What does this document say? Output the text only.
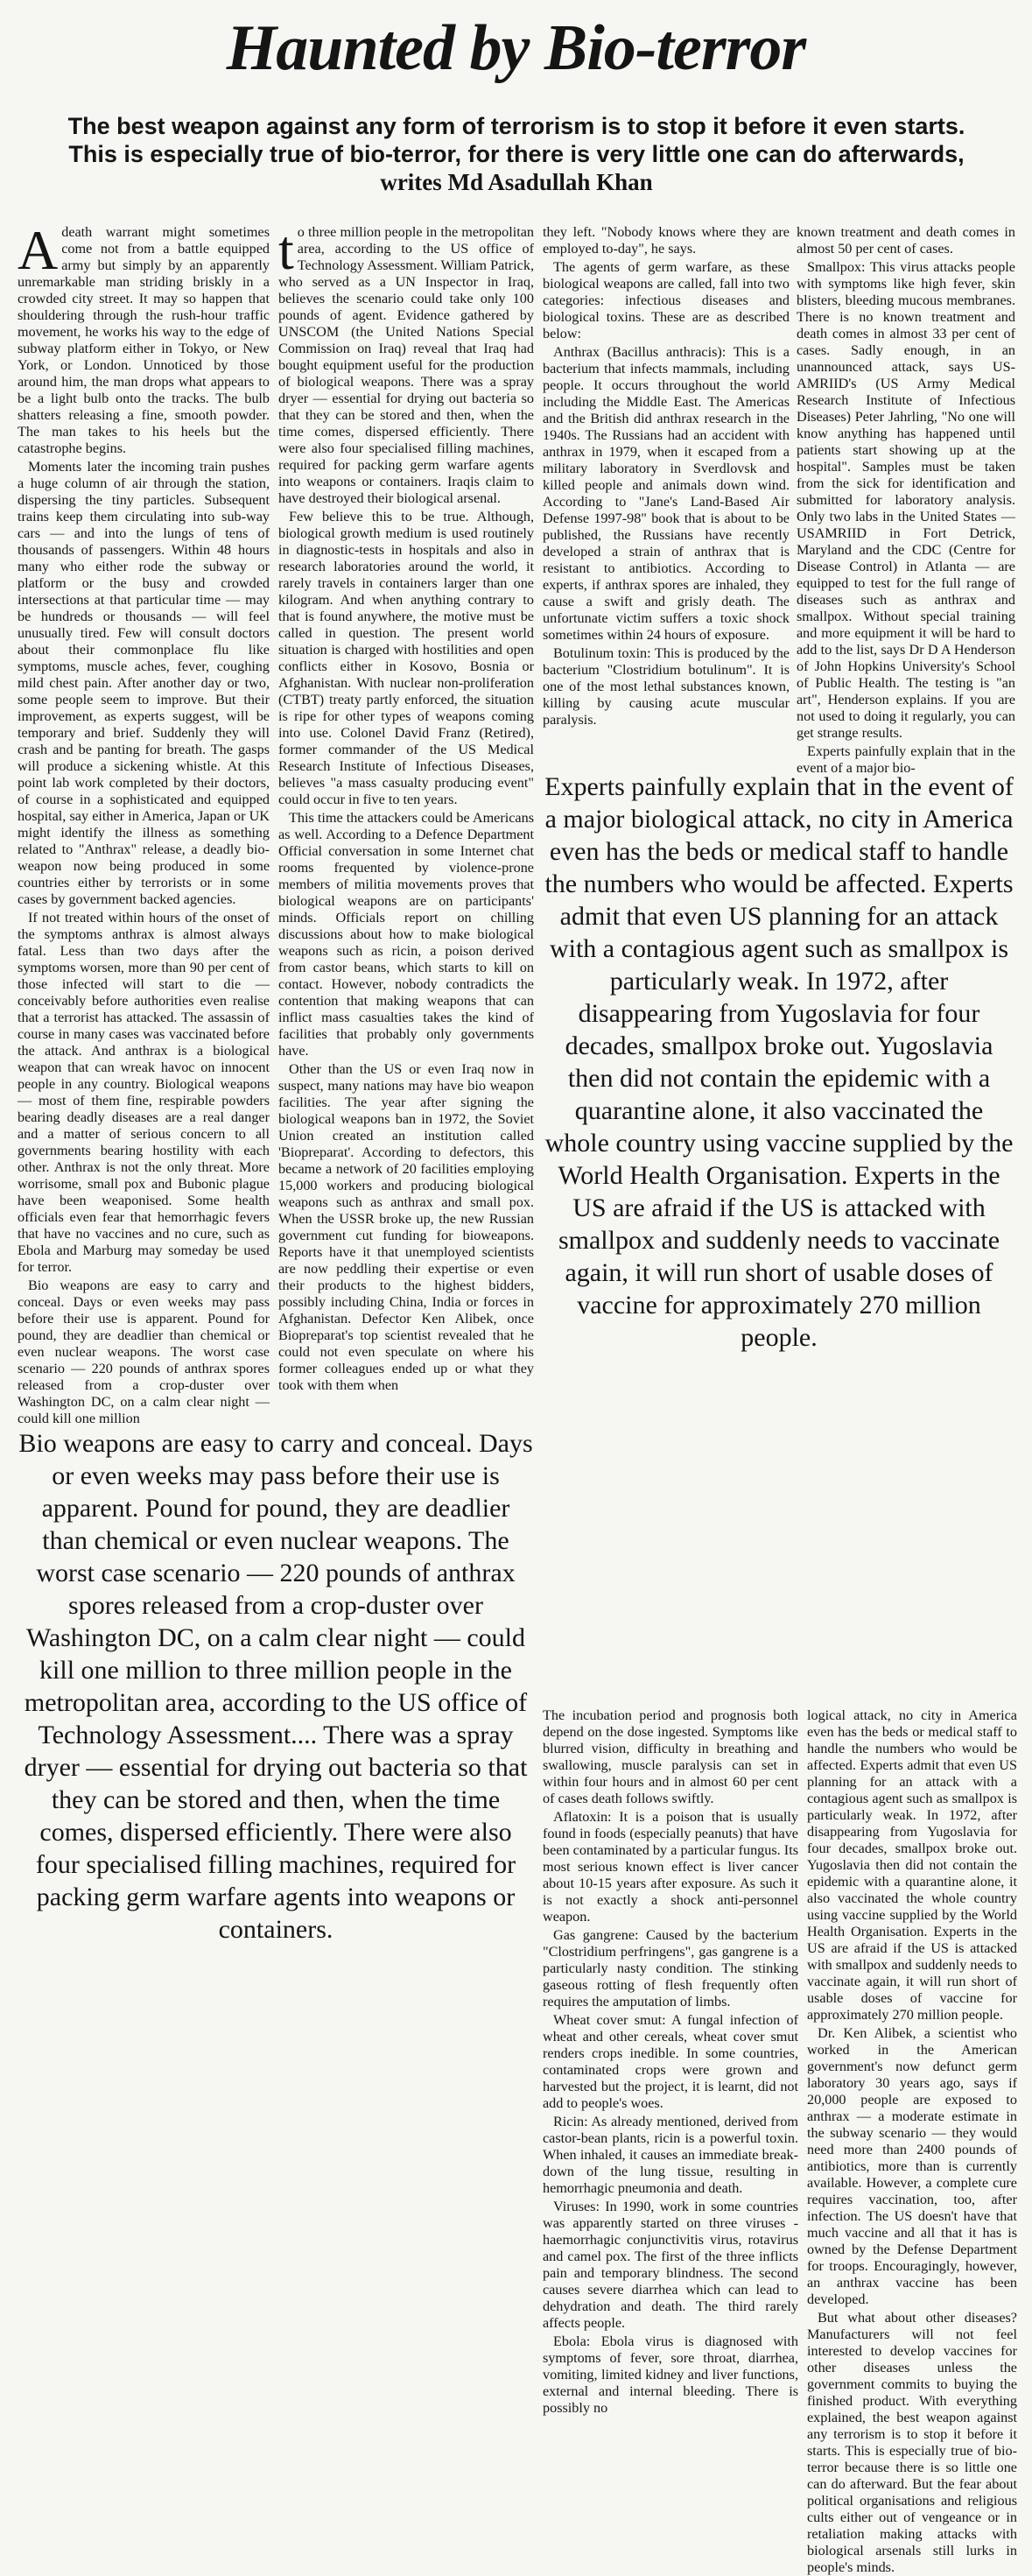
Haunted by Bio-terror
The best weapon against any form of terrorism is to stop it before it even starts. This is especially true of bio-terror, for there is very little one can do afterwards, writes Md Asadullah Khan

Adeath warrant might sometimes come not from a battle equipped army but simply by an apparently unremarkable man striding briskly in a crowded city street. It may so happen that shouldering through the rush-hour traffic movement, he works his way to the edge of subway platform either in Tokyo, or New York, or London. Unnoticed by those around him, the man drops what appears to be a light bulb onto the tracks. The bulb shatters releasing a fine, smooth powder. The man takes to his heels but the catastrophe begins.

Moments later the incoming train pushes a huge column of air through the station, dispersing the tiny particles. Subsequent trains keep them circulating into sub-way cars — and into the lungs of tens of thousands of passengers. Within 48 hours many who either rode the subway or platform or the busy and crowded intersections at that particular time — may be hundreds or thousands — will feel unusually tired. Few will consult doctors about their commonplace flu like symptoms, muscle aches, fever, coughing mild chest pain. After another day or two, some people seem to improve. But their improvement, as experts suggest, will be temporary and brief. Suddenly they will crash and be panting for breath. The gasps will produce a sickening whistle. At this point lab work completed by their doctors, of course in a sophisticated and equipped hospital, say either in America, Japan or UK might identify the illness as something related to "Anthrax" release, a deadly bio-weapon now being produced in some countries either by terrorists or in some cases by government backed agencies.

If not treated within hours of the onset of the symptoms anthrax is almost always fatal. Less than two days after the symptoms worsen, more than 90 per cent of those infected will start to die — conceivably before authorities even realise that a terrorist has attacked. The assassin of course in many cases was vaccinated before the attack. And anthrax is a biological weapon that can wreak havoc on innocent people in any country. Biological weapons — most of them fine, respirable powders bearing deadly diseases are a real danger and a matter of serious concern to all governments bearing hostility with each other. Anthrax is not the only threat. More worrisome, small pox and Bubonic plague have been weaponised. Some health officials even fear that hemorrhagic fevers that have no vaccines and no cure, such as Ebola and Marburg may someday be used for terror.

Bio weapons are easy to carry and conceal. Days or even weeks may pass before their use is apparent. Pound for pound, they are deadlier than chemical or even nuclear weapons. The worst case scenario — 220 pounds of anthrax spores released from a crop-duster over Washington DC, on a calm clear night — could kill one million

to three million people in the metropolitan area, according to the US office of Technology Assessment. William Patrick, who served as a UN Inspector in Iraq, believes the scenario could take only 100 pounds of agent. Evidence gathered by UNSCOM (the United Nations Special Commission on Iraq) reveal that Iraq had bought equipment useful for the production of biological weapons. There was a spray dryer — essential for drying out bacteria so that they can be stored and then, when the time comes, dispersed efficiently. There were also four specialised filling machines, required for packing germ warfare agents into weapons or containers. Iraqis claim to have destroyed their biological arsenal.

Few believe this to be true. Although, biological growth medium is used routinely in diagnostic-tests in hospitals and also in research laboratories around the world, it rarely travels in containers larger than one kilogram. And when anything contrary to that is found anywhere, the motive must be called in question. The present world situation is charged with hostilities and open conflicts either in Kosovo, Bosnia or Afghanistan. With nuclear non-proliferation (CTBT) treaty partly enforced, the situation is ripe for other types of weapons coming into use. Colonel David Franz (Retired), former commander of the US Medical Research Institute of Infectious Diseases, believes "a mass casualty producing event" could occur in five to ten years.

This time the attackers could be Americans as well. According to a Defence Department Official conversation in some Internet chat rooms frequented by violence-prone members of militia movements proves that biological weapons are on participants' minds. Officials report on chilling discussions about how to make biological weapons such as ricin, a poison derived from castor beans, which starts to kill on contact. However, nobody contradicts the contention that making weapons that can inflict mass casualties takes the kind of facilities that probably only governments have.

Other than the US or even Iraq now in suspect, many nations may have bio weapon facilities. The year after signing the biological weapons ban in 1972, the Soviet Union created an institution called 'Biopreparat'. According to defectors, this became a network of 20 facilities employing 15,000 workers and producing biological weapons such as anthrax and small pox. When the USSR broke up, the new Russian government cut funding for bioweapons. Reports have it that unemployed scientists are now peddling their expertise or even their products to the highest bidders, possibly including China, India or forces in Afghanistan. Defector Ken Alibek, once Biopreparat's top scientist revealed that he could not even speculate on where his former colleagues ended up or what they took with them when

they left. "Nobody knows where they are employed to-day", he says.

The agents of germ warfare, as these biological weapons are called, fall into two categories: infectious diseases and biological toxins. These are as described below:

Anthrax (Bacillus anthracis): This is a bacterium that infects mammals, including people. It occurs throughout the world including the Middle East. The Americas and the British did anthrax research in the 1940s. The Russians had an accident with anthrax in 1979, when it escaped from a military laboratory in Sverdlovsk and killed people and animals down wind. According to "Jane's Land-Based Air Defense 1997-98" book that is about to be published, the Russians have recently developed a strain of anthrax that is resistant to antibiotics. According to experts, if anthrax spores are inhaled, they cause a swift and grisly death. The unfortunate victim suffers a toxic shock sometimes within 24 hours of exposure.

Botulinum toxin: This is produced by the bacterium "Clostridium botulinum". It is one of the most lethal substances known, killing by causing acute muscular paralysis.

known treatment and death comes in almost 50 per cent of cases.

Smallpox: This virus attacks people with symptoms like high fever, skin blisters, bleeding mucous membranes. There is no known treatment and death comes in almost 33 per cent of cases. Sadly enough, in an unannounced attack, says US-AMRIID's (US Army Medical Research Institute of Infectious Diseases) Peter Jahrling, "No one will know anything has happened until patients start showing up at the hospital". Samples must be taken from the sick for identification and submitted for laboratory analysis. Only two labs in the United States — USAMRIID in Fort Detrick, Maryland and the CDC (Centre for Disease Control) in Atlanta — are equipped to test for the full range of diseases such as anthrax and smallpox. Without special training and more equipment it will be hard to add to the list, says Dr D A Henderson of John Hopkins University's School of Public Health. The testing is "an art", Henderson explains. If you are not used to doing it regularly, you can get strange results.

Experts painfully explain that in the event of a major bio-

Experts painfully explain that in the event of a major biological attack, no city in America even has the beds or medical staff to handle the numbers who would be affected. Experts admit that even US planning for an attack with a contagious agent such as smallpox is particularly weak. In 1972, after disappearing from Yugoslavia for four decades, smallpox broke out. Yugoslavia then did not contain the epidemic with a quarantine alone, it also vaccinated the whole country using vaccine supplied by the World Health Organisation. Experts in the US are afraid if the US is attacked with smallpox and suddenly needs to vaccinate again, it will run short of usable doses of vaccine for approximately 270 million people.

The incubation period and prognosis both depend on the dose ingested. Symptoms like blurred vision, difficulty in breathing and swallowing, muscle paralysis can set in within four hours and in almost 60 per cent of cases death follows swiftly.

Aflatoxin: It is a poison that is usually found in foods (especially peanuts) that have been contaminated by a particular fungus. Its most serious known effect is liver cancer about 10-15 years after exposure. As such it is not exactly a shock anti-personnel weapon.

Gas gangrene: Caused by the bacterium "Clostridium perfringens", gas gangrene is a particularly nasty condition. The stinking gaseous rotting of flesh frequently often requires the amputation of limbs.

Wheat cover smut: A fungal infection of wheat and other cereals, wheat cover smut renders crops inedible. In some countries, contaminated crops were grown and harvested but the project, it is learnt, did not add to people's woes.

Ricin: As already mentioned, derived from castor-bean plants, ricin is a powerful toxin. When inhaled, it causes an immediate break-down of the lung tissue, resulting in hemorrhagic pneumonia and death.

Viruses: In 1990, work in some countries was apparently started on three viruses - haemorrhagic conjunctivitis virus, rotavirus and camel pox. The first of the three inflicts pain and temporary blindness. The second causes severe diarrhea which can lead to dehydration and death. The third rarely affects people.

Ebola: Ebola virus is diagnosed with symptoms of fever, sore throat, diarrhea, vomiting, limited kidney and liver functions, external and internal bleeding. There is possibly no

logical attack, no city in America even has the beds or medical staff to handle the numbers who would be affected. Experts admit that even US planning for an attack with a contagious agent such as smallpox is particularly weak. In 1972, after disappearing from Yugoslavia for four decades, smallpox broke out. Yugoslavia then did not contain the epidemic with a quarantine alone, it also vaccinated the whole country using vaccine supplied by the World Health Organisation. Experts in the US are afraid if the US is attacked with smallpox and suddenly needs to vaccinate again, it will run short of usable doses of vaccine for approximately 270 million people.

Dr. Ken Alibek, a scientist who worked in the American government's now defunct germ laboratory 30 years ago, says if 20,000 people are exposed to anthrax — a moderate estimate in the subway scenario — they would need more than 2400 pounds of antibiotics, more than is currently available. However, a complete cure requires vaccination, too, after infection. The US doesn't have that much vaccine and all that it has is owned by the Defense Department for troops. Encouragingly, however, an anthrax vaccine has been developed.

But what about other diseases? Manufacturers will not feel interested to develop vaccines for other diseases unless the government commits to buying the finished product. With everything explained, the best weapon against any terrorism is to stop it before it starts. This is especially true of bio-terror because there is so little one can do afterward. But the fear about political organisations and religious cults either out of vengeance or in retaliation making attacks with biological arsenals still lurks in people's minds.

Bio weapons are easy to carry and conceal. Days or even weeks may pass before their use is apparent. Pound for pound, they are deadlier than chemical or even nuclear weapons. The worst case scenario — 220 pounds of anthrax spores released from a crop-duster over Washington DC, on a calm clear night — could kill one million to three million people in the metropolitan area, according to the US office of Technology Assessment.... There was a spray dryer — essential for drying out bacteria so that they can be stored and then, when the time comes, dispersed efficiently. There were also four specialised filling machines, required for packing germ warfare agents into weapons or containers.
